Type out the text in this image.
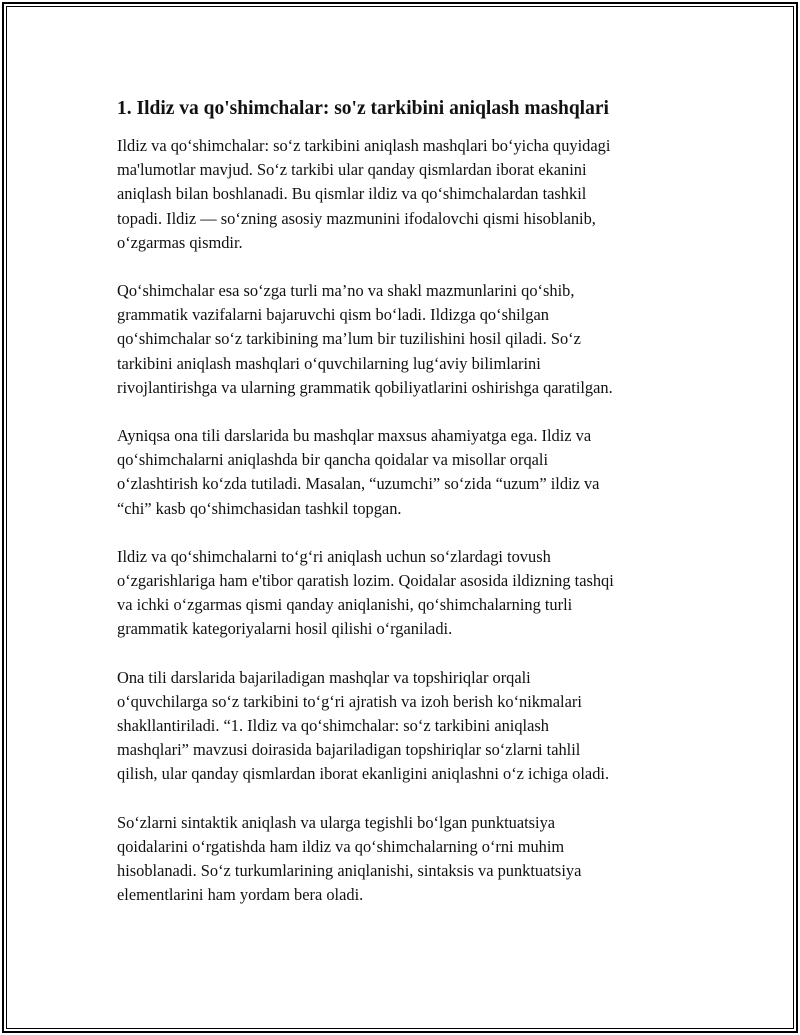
1. Ildiz va qo'shimchalar: so'z tarkibini aniqlash mashqlari

Ildiz va qo‘shimchalar: so‘z tarkibini aniqlash mashqlari bo‘yicha quyidagi
ma'lumotlar mavjud. So‘z tarkibi ular qanday qismlardan iborat ekanini
aniqlash bilan boshlanadi. Bu qismlar ildiz va qo‘shimchalardan tashkil
topadi. Ildiz — so‘zning asosiy mazmunini ifodalovchi qismi hisoblanib,
o‘zgarmas qismdir.

Qo‘shimchalar esa so‘zga turli ma’no va shakl mazmunlarini qo‘shib,
grammatik vazifalarni bajaruvchi qism bo‘ladi. Ildizga qo‘shilgan
qo‘shimchalar so‘z tarkibining ma’lum bir tuzilishini hosil qiladi. So‘z
tarkibini aniqlash mashqlari o‘quvchilarning lug‘aviy bilimlarini
rivojlantirishga va ularning grammatik qobiliyatlarini oshirishga qaratilgan.

Ayniqsa ona tili darslarida bu mashqlar maxsus ahamiyatga ega. Ildiz va
qo‘shimchalarni aniqlashda bir qancha qoidalar va misollar orqali
o‘zlashtirish ko‘zda tutiladi. Masalan, “uzumchi” so‘zida “uzum” ildiz va
“chi” kasb qo‘shimchasidan tashkil topgan.

Ildiz va qo‘shimchalarni to‘g‘ri aniqlash uchun so‘zlardagi tovush
o‘zgarishlariga ham e'tibor qaratish lozim. Qoidalar asosida ildizning tashqi
va ichki o‘zgarmas qismi qanday aniqlanishi, qo‘shimchalarning turli
grammatik kategoriyalarni hosil qilishi o‘rganiladi.

Ona tili darslarida bajariladigan mashqlar va topshiriqlar orqali
o‘quvchilarga so‘z tarkibini to‘g‘ri ajratish va izoh berish ko‘nikmalari
shakllantiriladi. “1. Ildiz va qo‘shimchalar: so‘z tarkibini aniqlash
mashqlari” mavzusi doirasida bajariladigan topshiriqlar so‘zlarni tahlil
qilish, ular qanday qismlardan iborat ekanligini aniqlashni o‘z ichiga oladi.

So‘zlarni sintaktik aniqlash va ularga tegishli bo‘lgan punktuatsiya
qoidalarini o‘rgatishda ham ildiz va qo‘shimchalarning o‘rni muhim
hisoblanadi. So‘z turkumlarining aniqlanishi, sintaksis va punktuatsiya
elementlarini ham yordam bera oladi.
